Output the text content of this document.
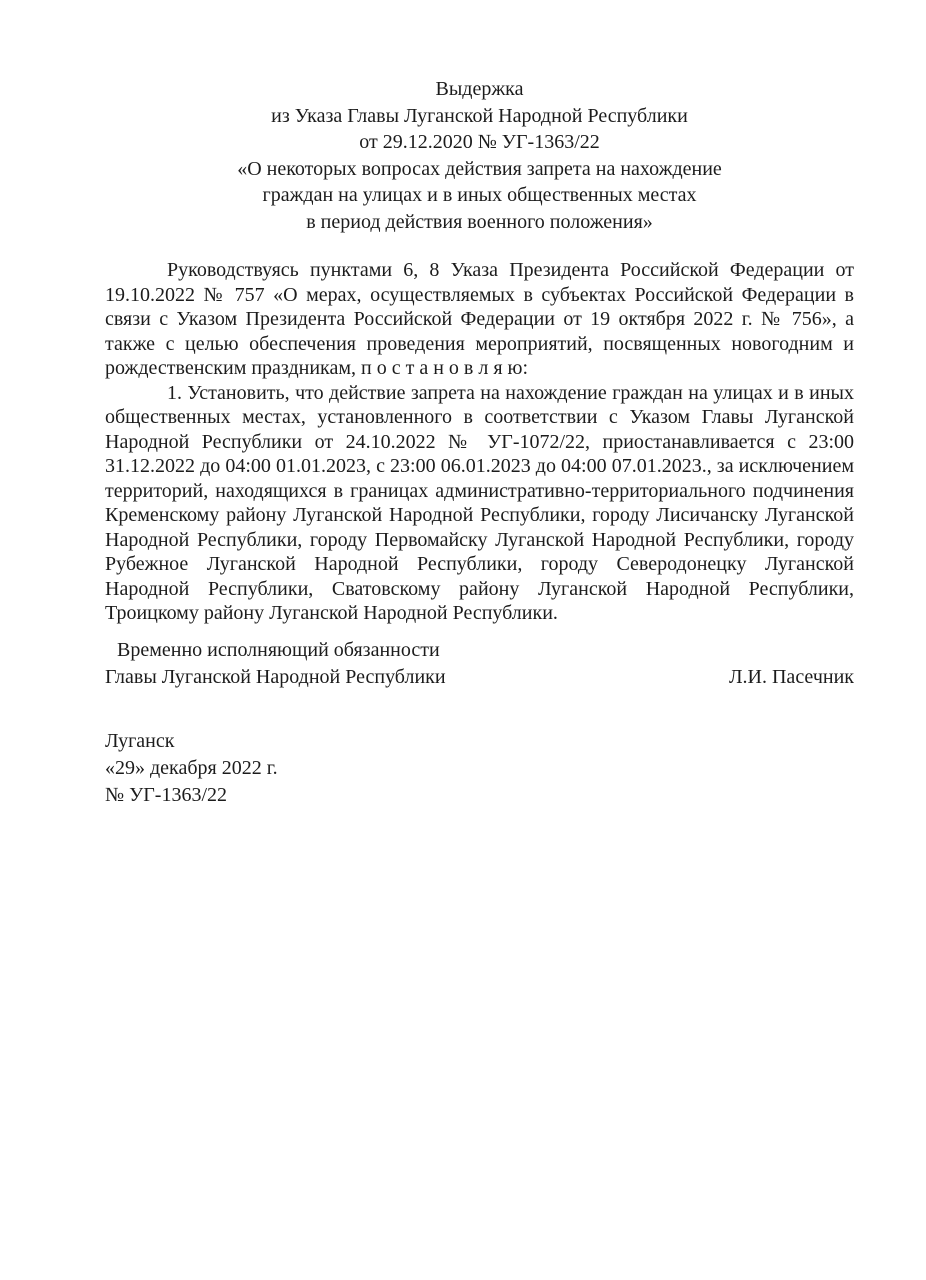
Выдержка
из Указа Главы Луганской Народной Республики
от 29.12.2020 № УГ-1363/22
«О некоторых вопросах действия запрета на нахождение
граждан на улицах и в иных общественных местах
в период действия военного положения»

Руководствуясь пунктами 6, 8 Указа Президента Российской Федерации от 19.10.2022 № 757 «О мерах, осуществляемых в субъектах Российской Федерации в связи с Указом Президента Российской Федерации от 19 октября 2022 г. № 756», а также с целью обеспечения проведения мероприятий, посвященных новогодним и рождественским праздникам, п о с т а н о в л я ю:

1. Установить, что действие запрета на нахождение граждан на улицах и в иных общественных местах, установленного в соответствии с Указом Главы Луганской Народной Республики от 24.10.2022 № УГ-1072/22, приостанавливается с 23:00 31.12.2022 до 04:00 01.01.2023, с 23:00 06.01.2023 до 04:00 07.01.2023., за исключением территорий, находящихся в границах административно-территориального подчинения Кременскому району Луганской Народной Республики, городу Лисичанску Луганской Народной Республики, городу Первомайску Луганской Народной Республики, городу Рубежное Луганской Народной Республики, городу Северодонецку Луганской Народной Республики, Сватовскому району Луганской Народной Республики, Троицкому району Луганской Народной Республики.

Временно исполняющий обязанности
Главы Луганской Народной Республики	Л.И. Пасечник
Луганск
«29» декабря 2022 г.
№ УГ-1363/22
